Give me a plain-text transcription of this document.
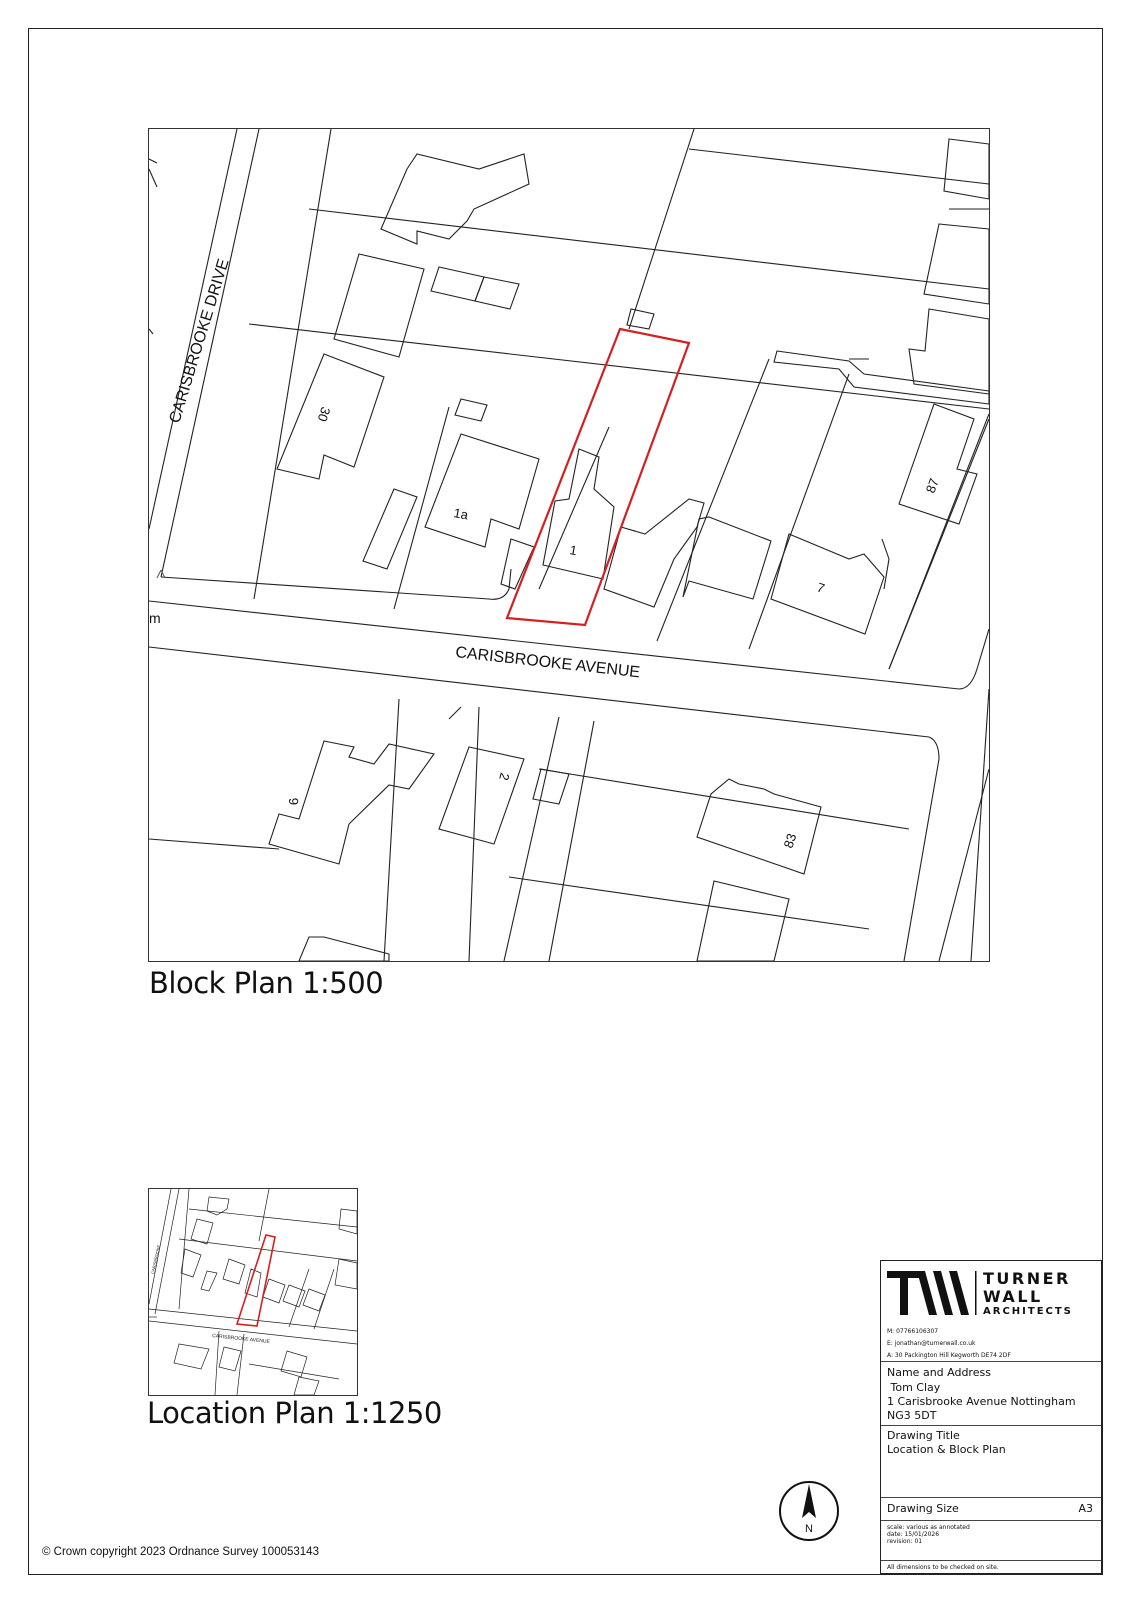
CARISBROOKE DRIVE
CARISBROOKE AVENUE
30
1a
1
7
87
9
2
83
m
Block Plan 1:500
CARISBROOKE AVENUE
CARISBROOKE
Location Plan 1:1250
© Crown copyright 2023 Ordnance Survey 100053143
N
TURNER
WALL
ARCHITECTS
M: 07766106307
E: jonathan@turnerwall.co.uk
A: 30 Packington Hill Kegworth DE74 2DF
Name and Address
Tom Clay
1 Carisbrooke Avenue Nottingham
NG3 5DT
Drawing Title
Location & Block Plan
Drawing Size	A3
scale: various as annotated
date: 15/01/2026
revision: 01
All dimensions to be checked on site.
